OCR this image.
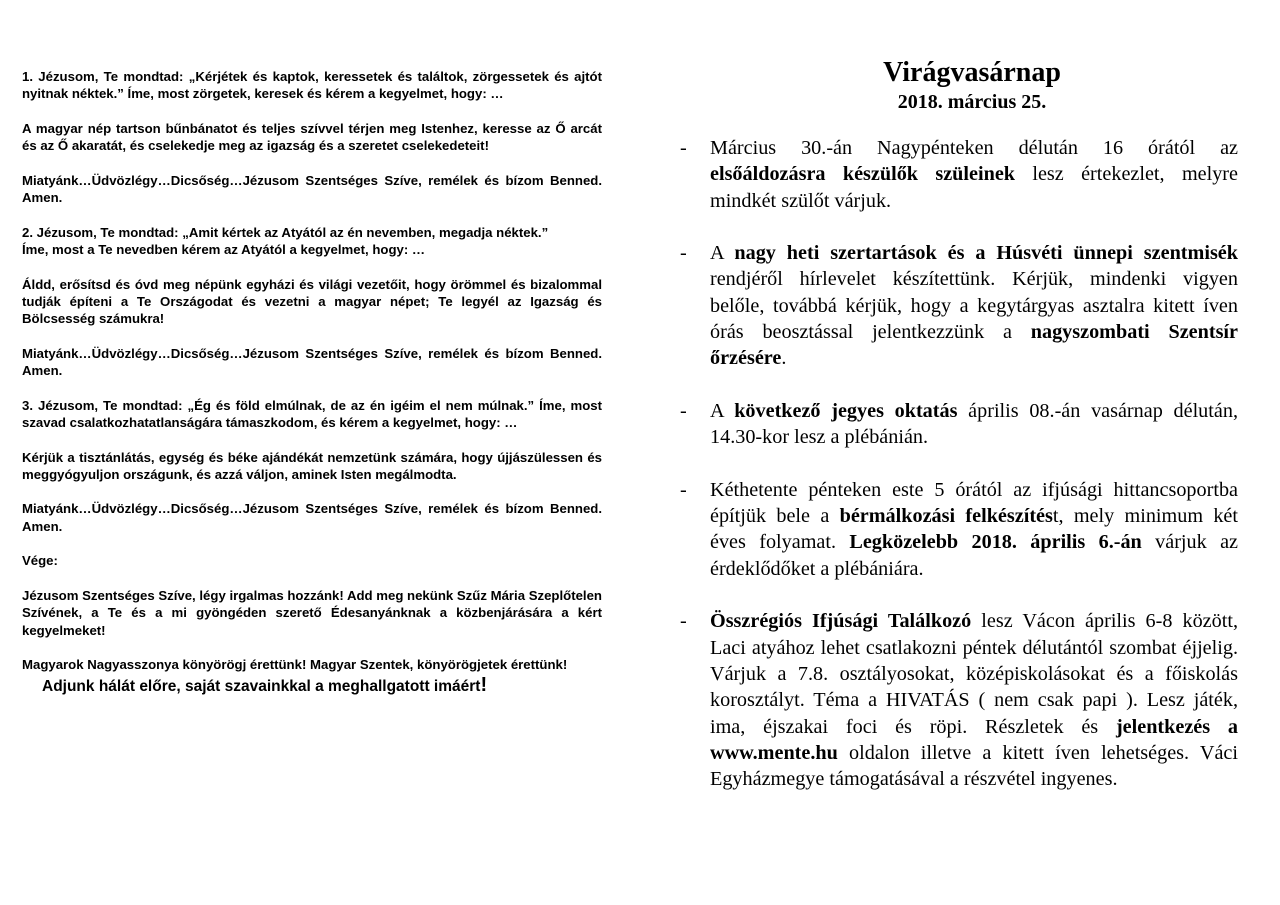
1. Jézusom, Te mondtad: „Kérjétek és kaptok, keressetek és találtok, zörgessetek és ajtót nyitnak néktek.” Íme, most zörgetek, keresek és kérem a kegyelmet, hogy: …

A magyar nép tartson bűnbánatot és teljes szívvel térjen meg Istenhez, keresse az Ő arcát és az Ő akaratát, és cselekedje meg az igazság és a szeretet cselekedeteit!

Miatyánk…Üdvözlégy…Dicsőség…Jézusom Szentséges Szíve, remélek és bízom Benned. Amen.

2. Jézusom, Te mondtad: „Amit kértek az Atyától az én nevemben, megadja néktek.”
Íme, most a Te nevedben kérem az Atyától a kegyelmet, hogy: …

Áldd, erősítsd és óvd meg népünk egyházi és világi vezetőit, hogy örömmel és bizalommal tudják építeni a Te Országodat és vezetni a magyar népet; Te legyél az Igazság és Bölcsesség számukra!

Miatyánk…Üdvözlégy…Dicsőség…Jézusom Szentséges Szíve, remélek és bízom Benned. Amen.

3. Jézusom, Te mondtad: „Ég és föld elmúlnak, de az én igéim el nem múlnak.” Íme, most szavad csalatkozhatatlanságára támaszkodom, és kérem a kegyelmet, hogy: …

Kérjük a tisztánlátás, egység és béke ajándékát nemzetünk számára, hogy újjászülessen és meggyógyuljon országunk, és azzá váljon, aminek Isten megálmodta.

Miatyánk…Üdvözlégy…Dicsőség…Jézusom Szentséges Szíve, remélek és bízom Benned. Amen.

Vége:

Jézusom Szentséges Szíve, légy irgalmas hozzánk! Add meg nekünk Szűz Mária Szeplőtelen Szívének, a Te és a mi gyöngéden szerető Édesanyánknak a közbenjárására a kért kegyelmeket!

Magyarok Nagyasszonya könyörögj érettünk! Magyar Szentek, könyörögjetek érettünk!

Adjunk hálát előre, saját szavainkkal a meghallgatott imáért!

Virágvasárnap
2018. március 25.
- Március 30.-án Nagypénteken délután 16 órától az elsőáldozásra készülők szüleinek lesz értekezlet, melyre mindkét szülőt várjuk.
- A nagy heti szertartások és a Húsvéti ünnepi szentmisék rendjéről hírlevelet készítettünk. Kérjük, mindenki vigyen belőle, továbbá kérjük, hogy a kegytárgyas asztalra kitett íven órás beosztással jelentkezzünk a nagyszombati Szentsír őrzésére.
- A következő jegyes oktatás április 08.-án vasárnap délután, 14.30-kor lesz a plébánián.
- Kéthetente pénteken este 5 órától az ifjúsági hittancsoportba építjük bele a bérmálkozási felkészítést, mely minimum két éves folyamat. Legközelebb 2018. április 6.-án várjuk az érdeklődőket a plébániára.
- Összrégiós Ifjúsági Találkozó lesz Vácon április 6-8 között, Laci atyához lehet csatlakozni péntek délutántól szombat éjjelig. Várjuk a 7.8. osztályosokat, középiskolásokat és a főiskolás korosztályt. Téma a HIVATÁS ( nem csak papi ). Lesz játék, ima, éjszakai foci és röpi. Részletek és jelentkezés a www.mente.hu oldalon illetve a kitett íven lehetséges. Váci Egyházmegye támogatásával a részvétel ingyenes.
